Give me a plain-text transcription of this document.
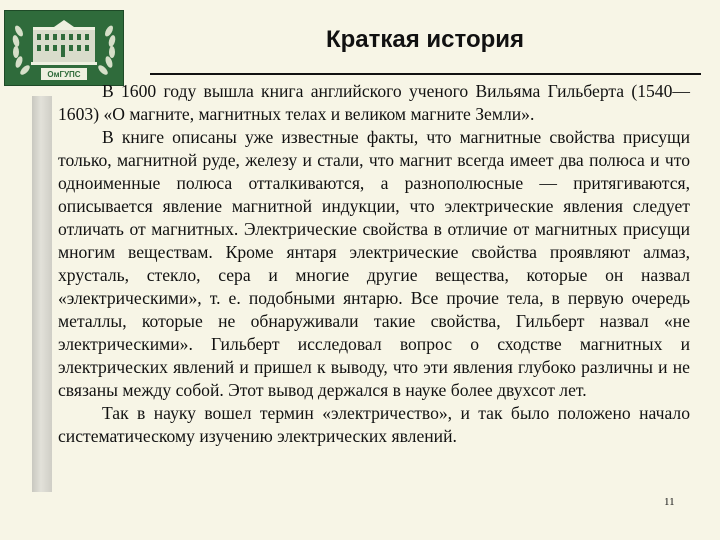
ОмГУПС
Краткая история

В 1600 году вышла книга английского ученого Вильяма Гильберта (1540—1603) «О магните, магнитных телах и великом магните Земли».

В книге описаны уже известные факты, что магнитные свойства присущи только, магнитной руде, железу и стали, что магнит всегда имеет два полюса и что одноименные полюса отталкиваются, а разнополюсные — притягиваются, описывается явление магнитной индукции, что электрические явления следует отличать от магнитных. Электрические свойства в отличие от магнитных присущи многим веществам. Кроме янтаря электрические свойства проявляют алмаз, хрусталь, стекло, сера и многие другие вещества, которые он назвал «электрическими», т. е. подобными янтарю. Все прочие тела, в первую очередь металлы, которые не обнаруживали такие свойства, Гильберт назвал «не электрическими». Гильберт исследовал вопрос о сходстве магнитных и электрических явлений и пришел к выводу, что эти явления глубоко различны и не связаны между собой. Этот вывод держался в науке более двухсот лет.

Так в науку вошел термин «электричество», и так было положено начало систематическому изучению электрических явлений.

11
